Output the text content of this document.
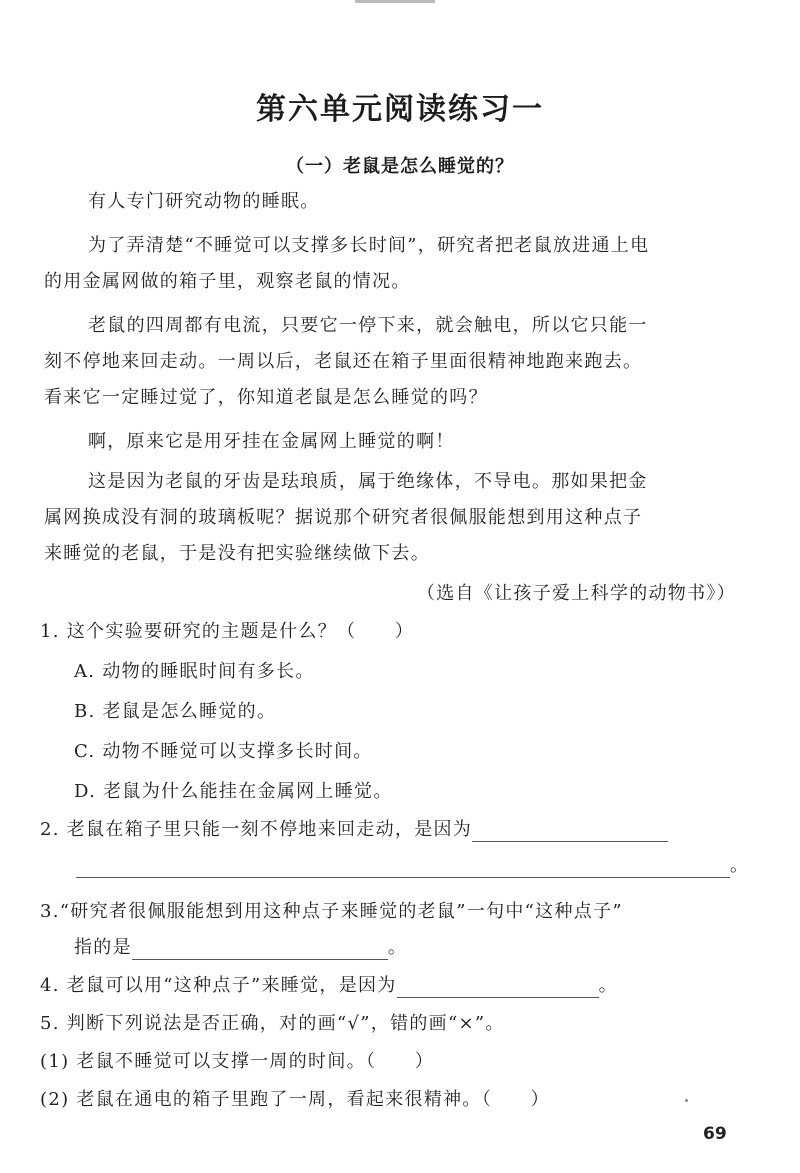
第六单元阅读练习一
（一）老鼠是怎么睡觉的？
有人专门研究动物的睡眠。
为了弄清楚“不睡觉可以支撑多长时间”，研究者把老鼠放进通上电
的用金属网做的箱子里，观察老鼠的情况。
老鼠的四周都有电流，只要它一停下来，就会触电，所以它只能一
刻不停地来回走动。一周以后，老鼠还在箱子里面很精神地跑来跑去。
看来它一定睡过觉了，你知道老鼠是怎么睡觉的吗？
啊，原来它是用牙挂在金属网上睡觉的啊！
这是因为老鼠的牙齿是珐琅质，属于绝缘体，不导电。那如果把金
属网换成没有洞的玻璃板呢？据说那个研究者很佩服能想到用这种点子
来睡觉的老鼠，于是没有把实验继续做下去。
（选自《让孩子爱上科学的动物书》）
1. 这个实验要研究的主题是什么？（　　）
A. 动物的睡眠时间有多长。
B. 老鼠是怎么睡觉的。
C. 动物不睡觉可以支撑多长时间。
D. 老鼠为什么能挂在金属网上睡觉。
2. 老鼠在箱子里只能一刻不停地来回走动，是因为
。
3.“研究者很佩服能想到用这种点子来睡觉的老鼠”一句中“这种点子”
指的是	。
4. 老鼠可以用“这种点子”来睡觉，是因为	。
5. 判断下列说法是否正确，对的画“√”，错的画“×”。
(1) 老鼠不睡觉可以支撑一周的时间。（　　）
(2) 老鼠在通电的箱子里跑了一周，看起来很精神。（　　）
69
